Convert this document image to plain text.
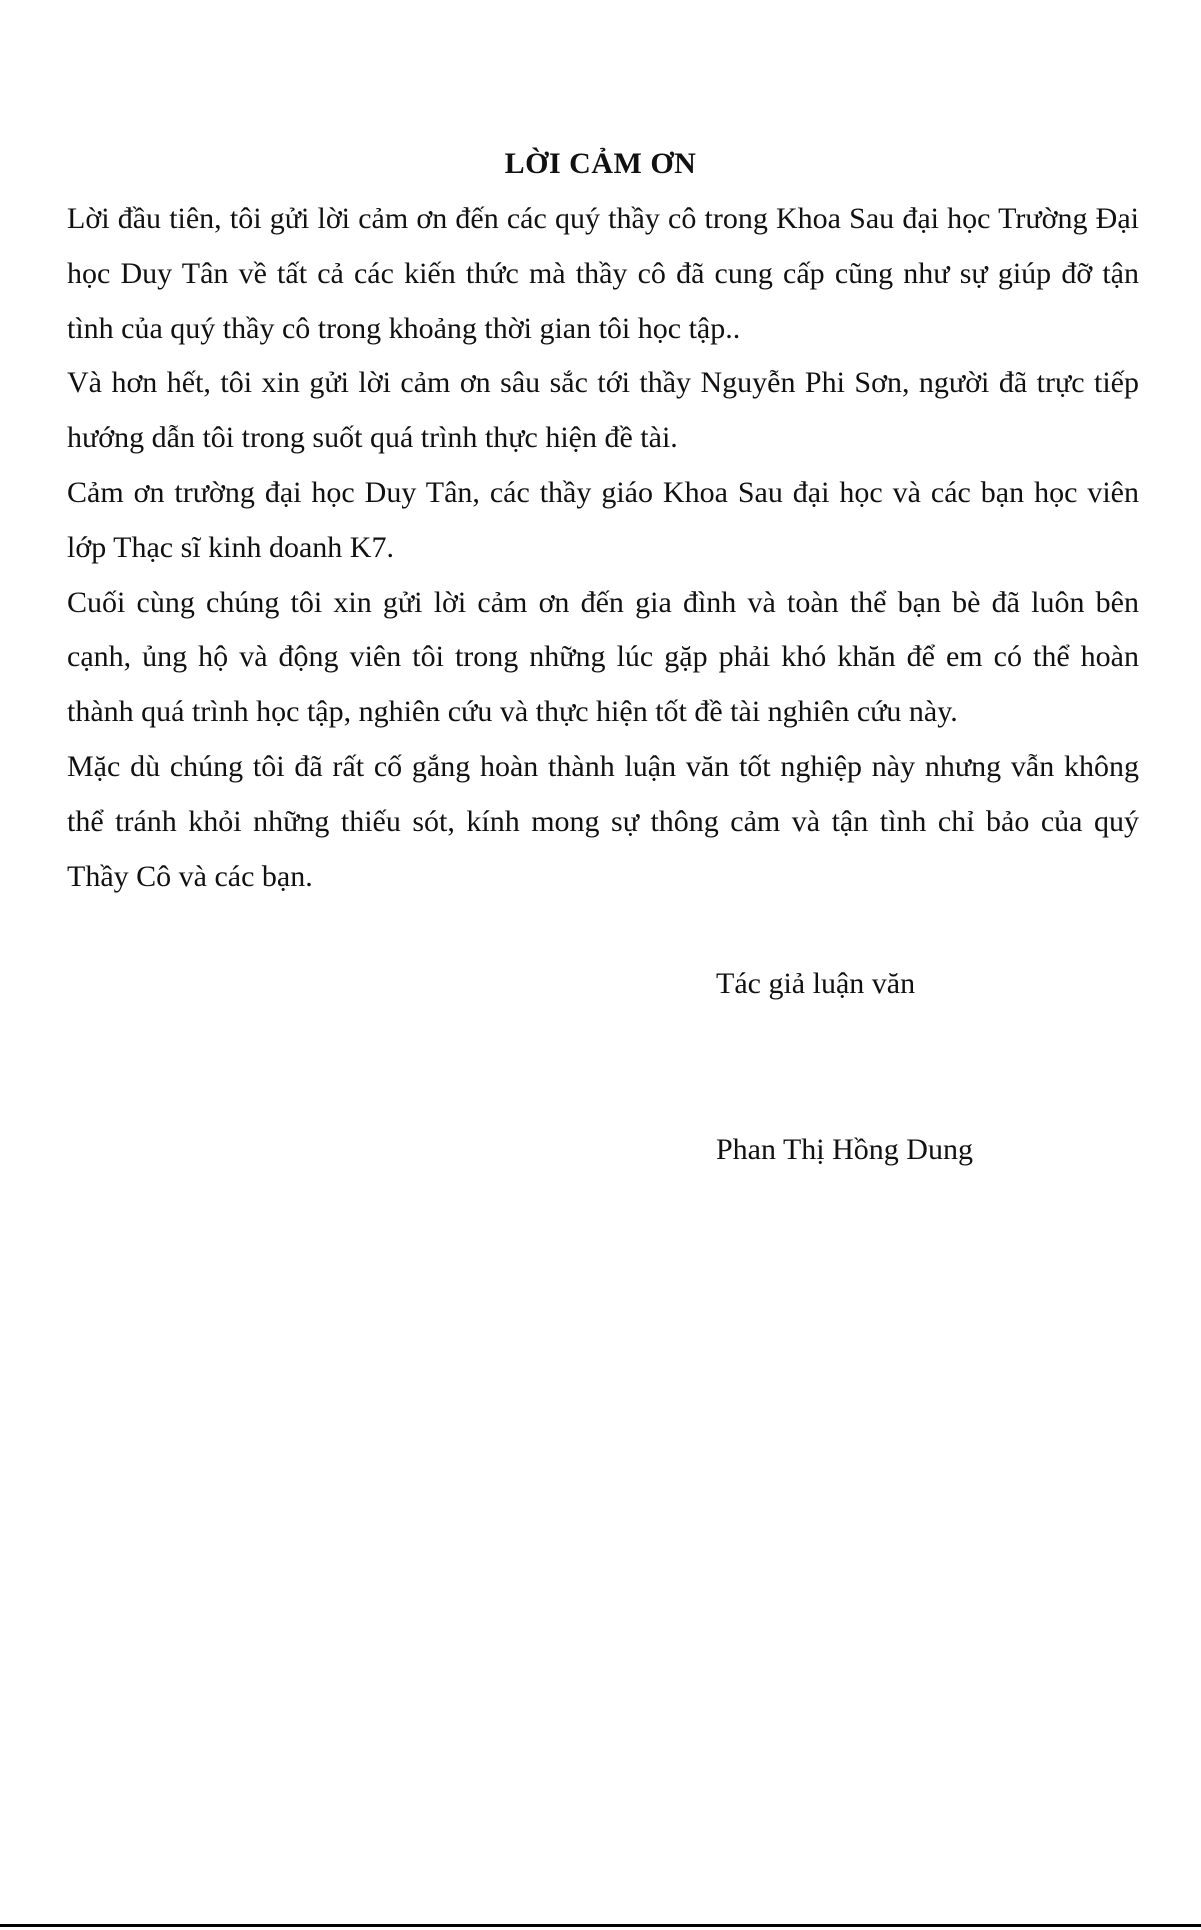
LỜI CẢM ƠN

Lời đầu tiên, tôi gửi lời cảm ơn đến các quý thầy cô trong Khoa Sau đại học Trường Đại học Duy Tân về tất cả các kiến thức mà thầy cô đã cung cấp cũng như sự giúp đỡ tận tình của quý thầy cô trong khoảng thời gian tôi học tập..

Và hơn hết, tôi xin gửi lời cảm ơn sâu sắc tới thầy Nguyễn Phi Sơn, người đã trực tiếp hướng dẫn tôi trong suốt quá trình thực hiện đề tài.

Cảm ơn trường đại học Duy Tân, các thầy giáo Khoa Sau đại học và các bạn học viên lớp Thạc sĩ kinh doanh K7.

Cuối cùng chúng tôi xin gửi lời cảm ơn đến gia đình và toàn thể bạn bè đã luôn bên cạnh, ủng hộ và động viên tôi trong những lúc gặp phải khó khăn để em có thể hoàn thành quá trình học tập, nghiên cứu và thực hiện tốt đề tài nghiên cứu này.

Mặc dù chúng tôi đã rất cố gắng hoàn thành luận văn tốt nghiệp này nhưng vẫn không thể tránh khỏi những thiếu sót, kính mong sự thông cảm và tận tình chỉ bảo của quý Thầy Cô và các bạn.

Tác giả luận văn
Phan Thị Hồng Dung
